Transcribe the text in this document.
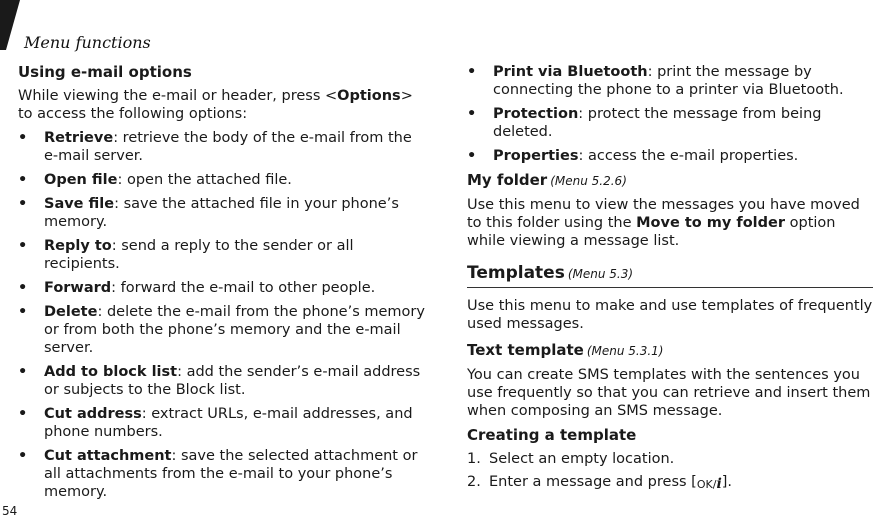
Menu functions
Using e-mail options
While viewing the e-mail or header, press <Options> to access the following options:
• Retrieve: retrieve the body of the e-mail from the e-mail server.
• Open file: open the attached file.
• Save file: save the attached file in your phone’s memory.
• Reply to: send a reply to the sender or all recipients.
• Forward: forward the e-mail to other people.
• Delete: delete the e-mail from the phone’s memory or from both the phone’s memory and the e-mail server.
• Add to block list: add the sender’s e-mail address or subjects to the Block list.
• Cut address: extract URLs, e-mail addresses, and phone numbers.
• Cut attachment: save the selected attachment or all attachments from the e-mail to your phone’s memory.
• Print via Bluetooth: print the message by connecting the phone to a printer via Bluetooth.
• Protection: protect the message from being deleted.
• Properties: access the e-mail properties.
My folder (Menu 5.2.6)
Use this menu to view the messages you have moved to this folder using the Move to my folder option while viewing a message list.
Templates (Menu 5.3)
Use this menu to make and use templates of frequently used messages.
Text template (Menu 5.3.1)
You can create SMS templates with the sentences you use frequently so that you can retrieve and insert them when composing an SMS message.
Creating a template
1. Select an empty location.
2. Enter a message and press [OK/i].
54
